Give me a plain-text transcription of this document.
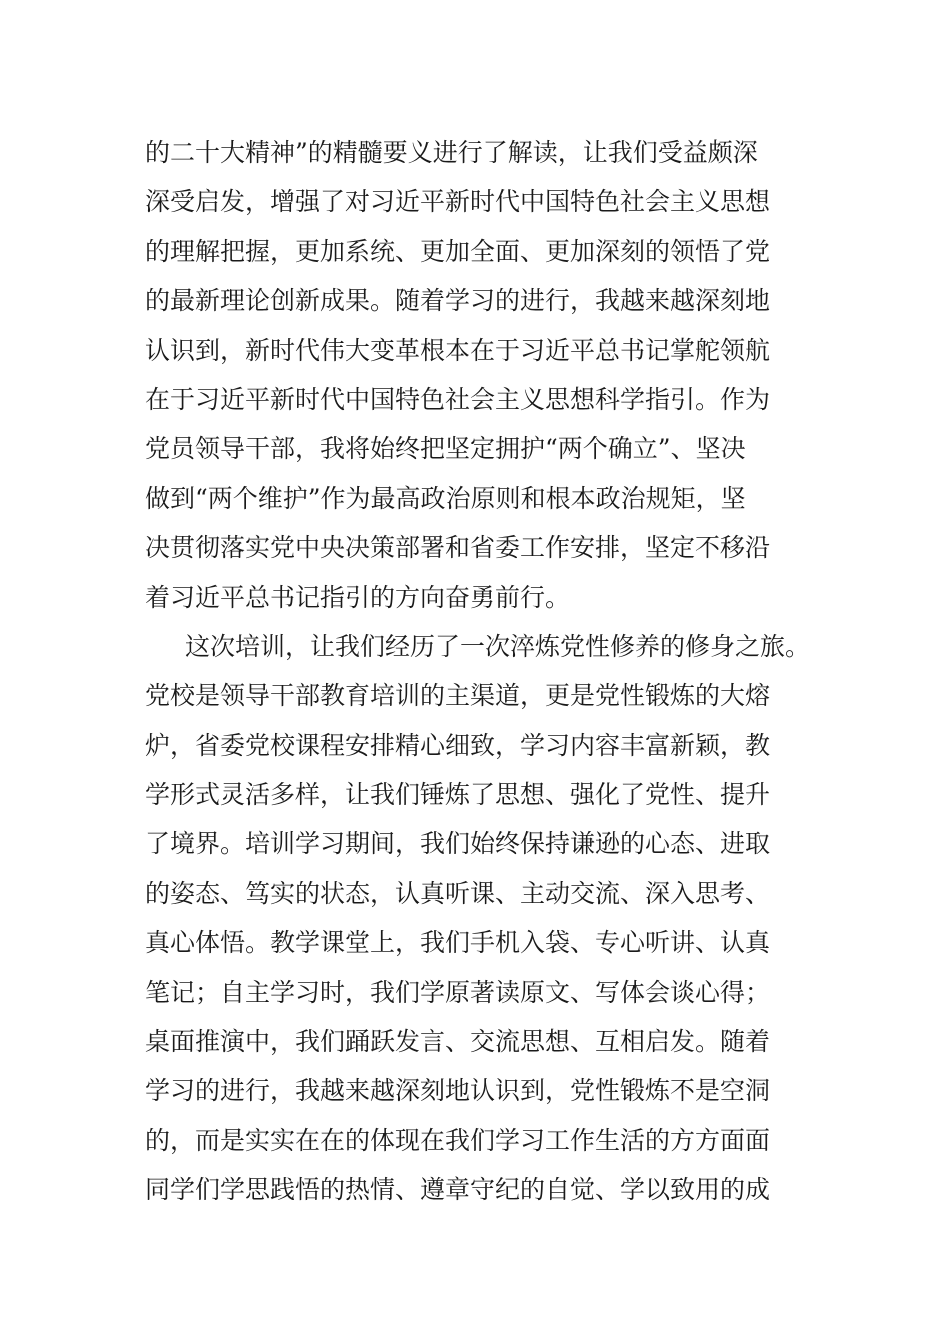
的二十大精神”的精髓要义进行了解读，让我们受益颇深
深受启发，增强了对习近平新时代中国特色社会主义思想
的理解把握，更加系统、更加全面、更加深刻的领悟了党
的最新理论创新成果。随着学习的进行，我越来越深刻地
认识到，新时代伟大变革根本在于习近平总书记掌舵领航
在于习近平新时代中国特色社会主义思想科学指引。作为
党员领导干部，我将始终把坚定拥护“两个确立”、坚决
做到“两个维护”作为最高政治原则和根本政治规矩，坚
决贯彻落实党中央决策部署和省委工作安排，坚定不移沿
着习近平总书记指引的方向奋勇前行。
这次培训，让我们经历了一次淬炼党性修养的修身之旅。
党校是领导干部教育培训的主渠道，更是党性锻炼的大熔
炉，省委党校课程安排精心细致，学习内容丰富新颖，教
学形式灵活多样，让我们锤炼了思想、强化了党性、提升
了境界。培训学习期间，我们始终保持谦逊的心态、进取
的姿态、笃实的状态，认真听课、主动交流、深入思考、
真心体悟。教学课堂上，我们手机入袋、专心听讲、认真
笔记；自主学习时，我们学原著读原文、写体会谈心得；
桌面推演中，我们踊跃发言、交流思想、互相启发。随着
学习的进行，我越来越深刻地认识到，党性锻炼不是空洞
的，而是实实在在的体现在我们学习工作生活的方方面面
同学们学思践悟的热情、遵章守纪的自觉、学以致用的成
